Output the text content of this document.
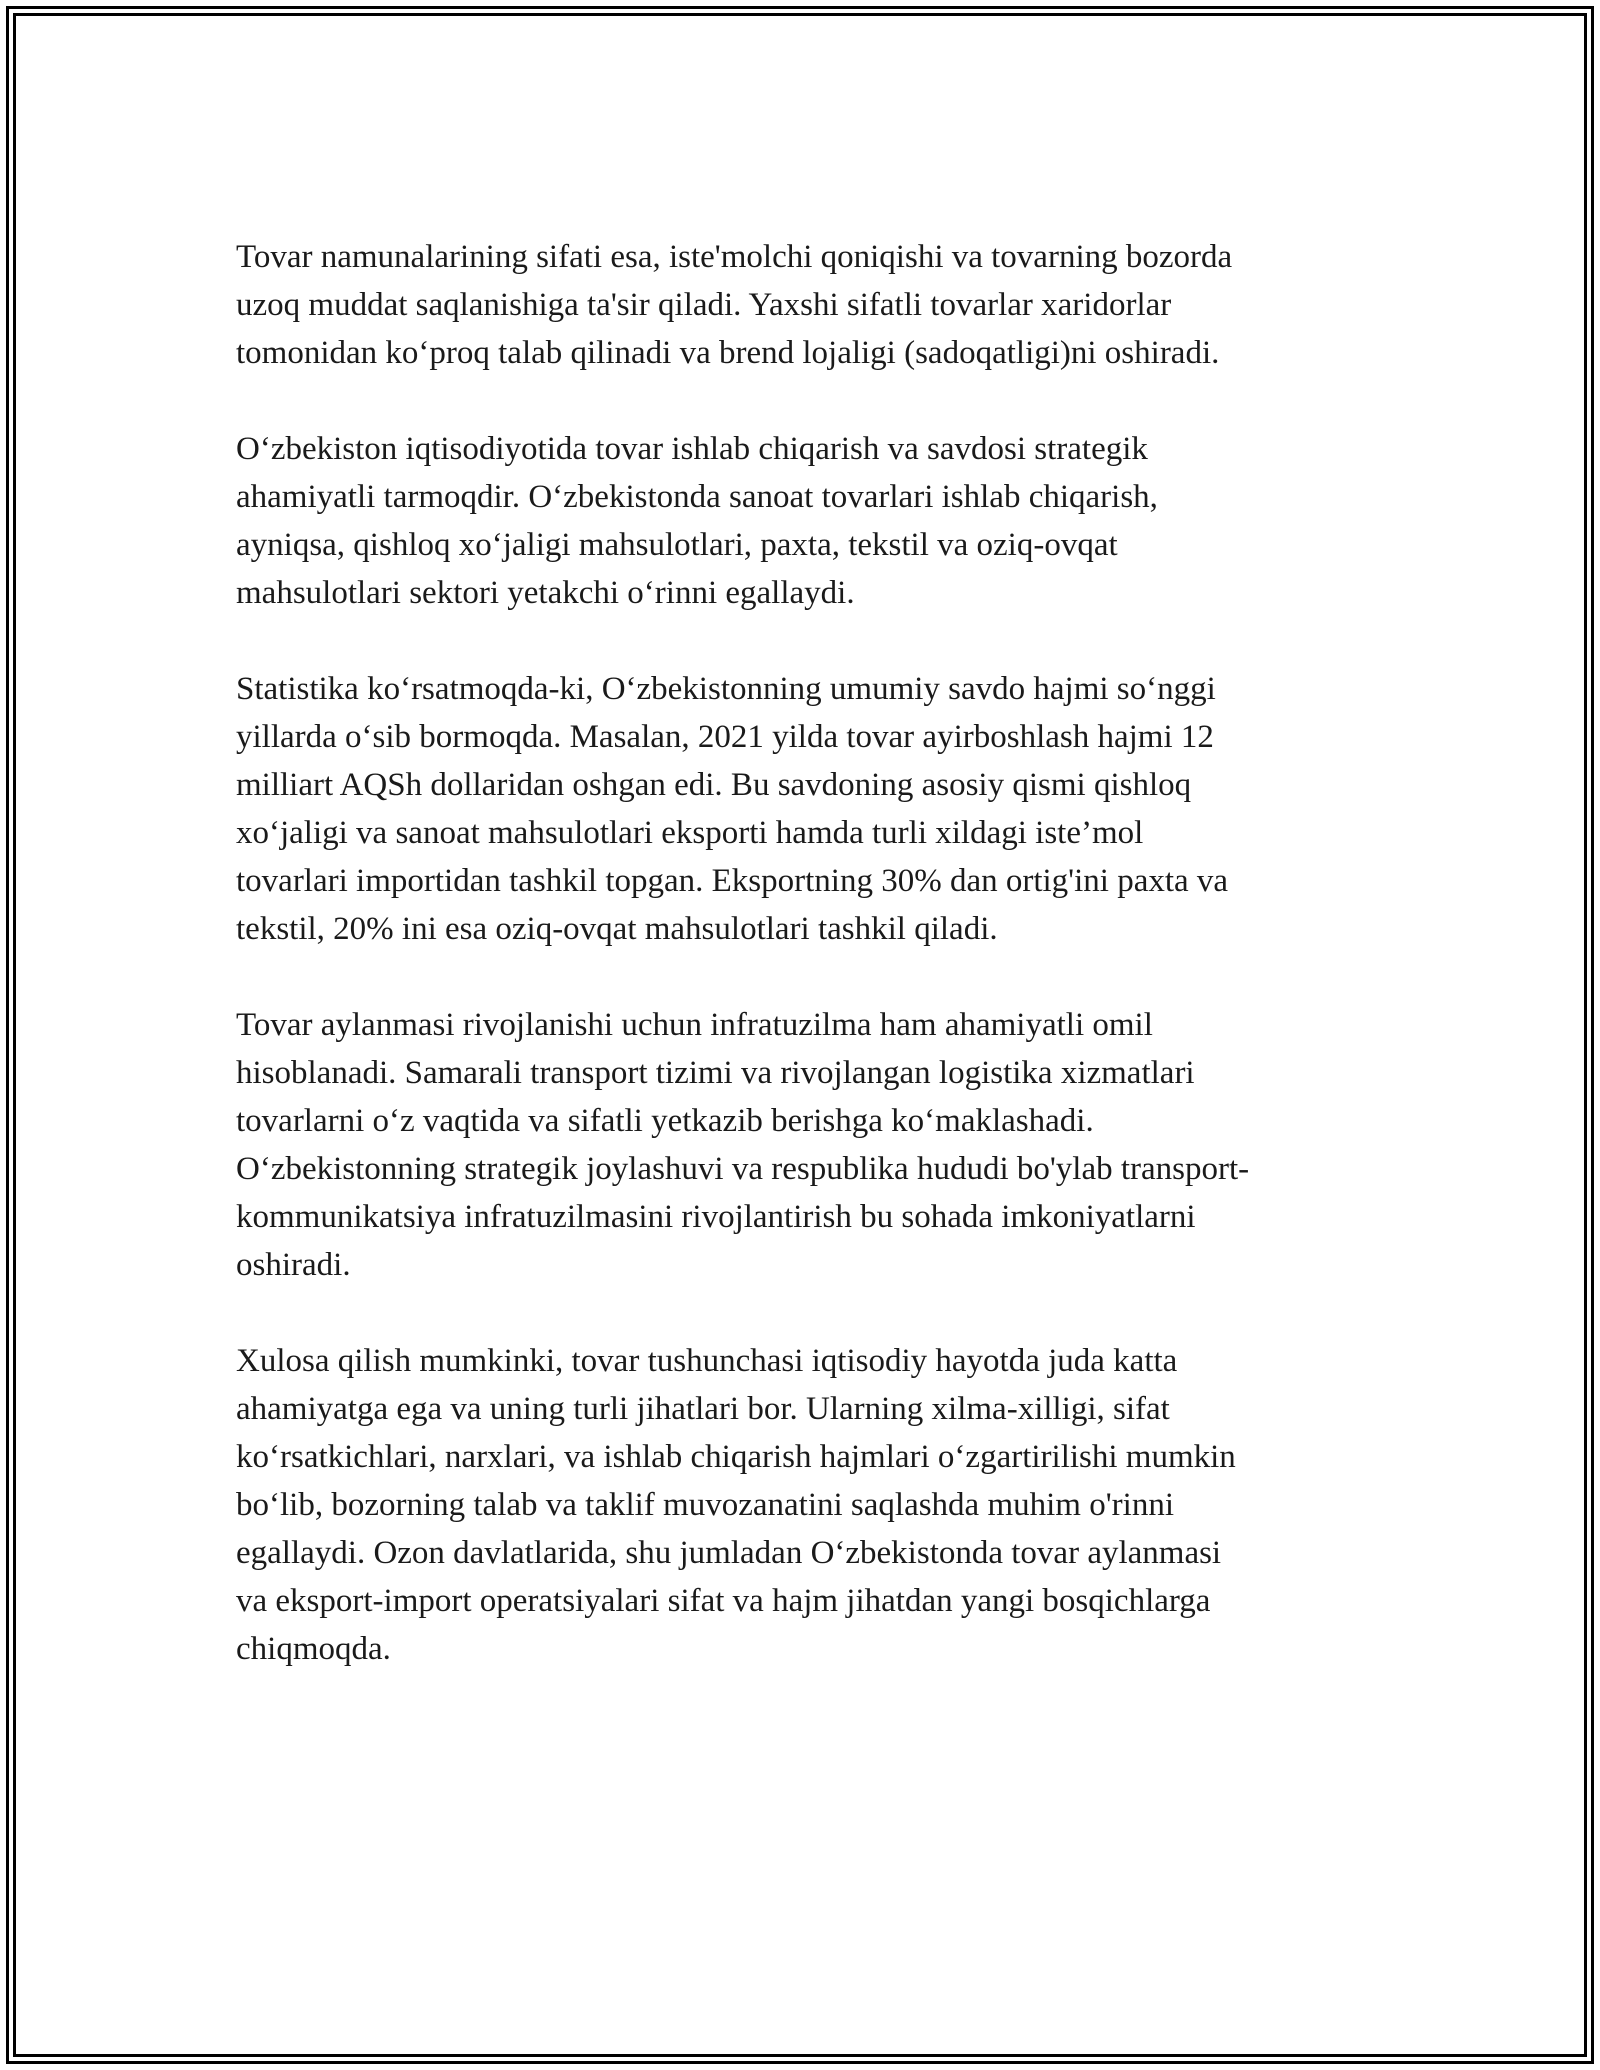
Tovar namunalarining sifati esa, iste'molchi qoniqishi va tovarning bozorda
uzoq muddat saqlanishiga ta'sir qiladi. Yaxshi sifatli tovarlar xaridorlar
tomonidan koʻproq talab qilinadi va brend lojaligi (sadoqatligi)ni oshiradi.

Oʻzbekiston iqtisodiyotida tovar ishlab chiqarish va savdosi strategik
ahamiyatli tarmoqdir. Oʻzbekistonda sanoat tovarlari ishlab chiqarish,
ayniqsa, qishloq xoʻjaligi mahsulotlari, paxta, tekstil va oziq-ovqat
mahsulotlari sektori yetakchi oʻrinni egallaydi.

Statistika koʻrsatmoqda-ki, Oʻzbekistonning umumiy savdo hajmi soʻnggi
yillarda oʻsib bormoqda. Masalan, 2021 yilda tovar ayirboshlash hajmi 12
milliart AQSh dollaridan oshgan edi. Bu savdoning asosiy qismi qishloq
xoʻjaligi va sanoat mahsulotlari eksporti hamda turli xildagi iste’mol
tovarlari importidan tashkil topgan. Eksportning 30% dan ortig'ini paxta va
tekstil, 20% ini esa oziq-ovqat mahsulotlari tashkil qiladi.

Tovar aylanmasi rivojlanishi uchun infratuzilma ham ahamiyatli omil
hisoblanadi. Samarali transport tizimi va rivojlangan logistika xizmatlari
tovarlarni oʻz vaqtida va sifatli yetkazib berishga koʻmaklashadi.
Oʻzbekistonning strategik joylashuvi va respublika hududi bo'ylab transport-
kommunikatsiya infratuzilmasini rivojlantirish bu sohada imkoniyatlarni
oshiradi.

Xulosa qilish mumkinki, tovar tushunchasi iqtisodiy hayotda juda katta
ahamiyatga ega va uning turli jihatlari bor. Ularning xilma-xilligi, sifat
koʻrsatkichlari, narxlari, va ishlab chiqarish hajmlari oʻzgartirilishi mumkin
boʻlib, bozorning talab va taklif muvozanatini saqlashda muhim o'rinni
egallaydi. Ozon davlatlarida, shu jumladan Oʻzbekistonda tovar aylanmasi
va eksport-import operatsiyalari sifat va hajm jihatdan yangi bosqichlarga
chiqmoqda.
